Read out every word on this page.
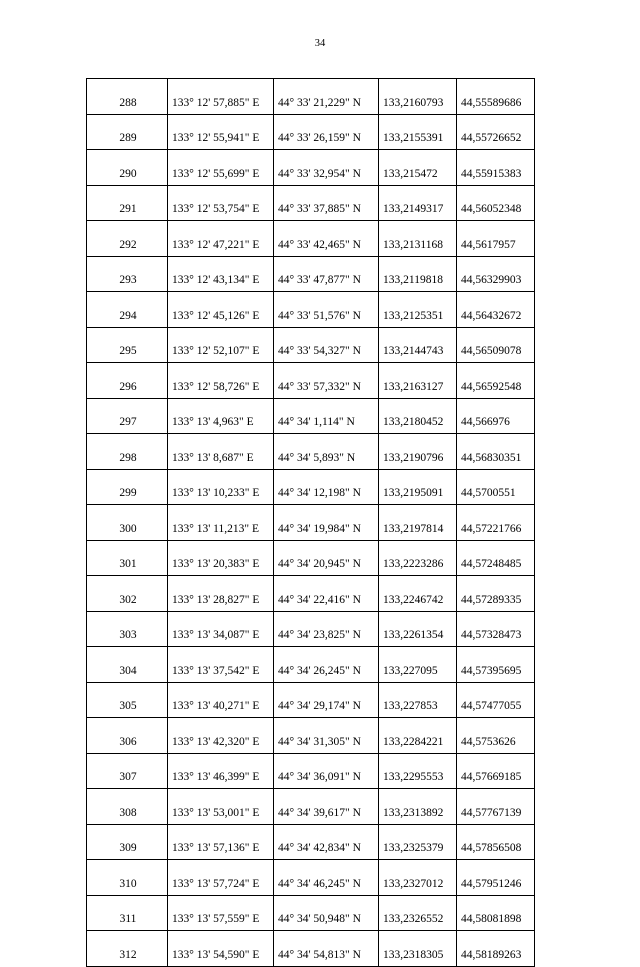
34
288	133° 12' 57,885" E	44° 33' 21,229" N	133,2160793	44,55589686
289	133° 12' 55,941" E	44° 33' 26,159" N	133,2155391	44,55726652
290	133° 12' 55,699" E	44° 33' 32,954" N	133,215472	44,55915383
291	133° 12' 53,754" E	44° 33' 37,885" N	133,2149317	44,56052348
292	133° 12' 47,221" E	44° 33' 42,465" N	133,2131168	44,5617957
293	133° 12' 43,134" E	44° 33' 47,877" N	133,2119818	44,56329903
294	133° 12' 45,126" E	44° 33' 51,576" N	133,2125351	44,56432672
295	133° 12' 52,107" E	44° 33' 54,327" N	133,2144743	44,56509078
296	133° 12' 58,726" E	44° 33' 57,332" N	133,2163127	44,56592548
297	133° 13' 4,963" E	44° 34' 1,114" N	133,2180452	44,566976
298	133° 13' 8,687" E	44° 34' 5,893" N	133,2190796	44,56830351
299	133° 13' 10,233" E	44° 34' 12,198" N	133,2195091	44,5700551
300	133° 13' 11,213" E	44° 34' 19,984" N	133,2197814	44,57221766
301	133° 13' 20,383" E	44° 34' 20,945" N	133,2223286	44,57248485
302	133° 13' 28,827" E	44° 34' 22,416" N	133,2246742	44,57289335
303	133° 13' 34,087" E	44° 34' 23,825" N	133,2261354	44,57328473
304	133° 13' 37,542" E	44° 34' 26,245" N	133,227095	44,57395695
305	133° 13' 40,271" E	44° 34' 29,174" N	133,227853	44,57477055
306	133° 13' 42,320" E	44° 34' 31,305" N	133,2284221	44,5753626
307	133° 13' 46,399" E	44° 34' 36,091" N	133,2295553	44,57669185
308	133° 13' 53,001" E	44° 34' 39,617" N	133,2313892	44,57767139
309	133° 13' 57,136" E	44° 34' 42,834" N	133,2325379	44,57856508
310	133° 13' 57,724" E	44° 34' 46,245" N	133,2327012	44,57951246
311	133° 13' 57,559" E	44° 34' 50,948" N	133,2326552	44,58081898
312	133° 13' 54,590" E	44° 34' 54,813" N	133,2318305	44,58189263
